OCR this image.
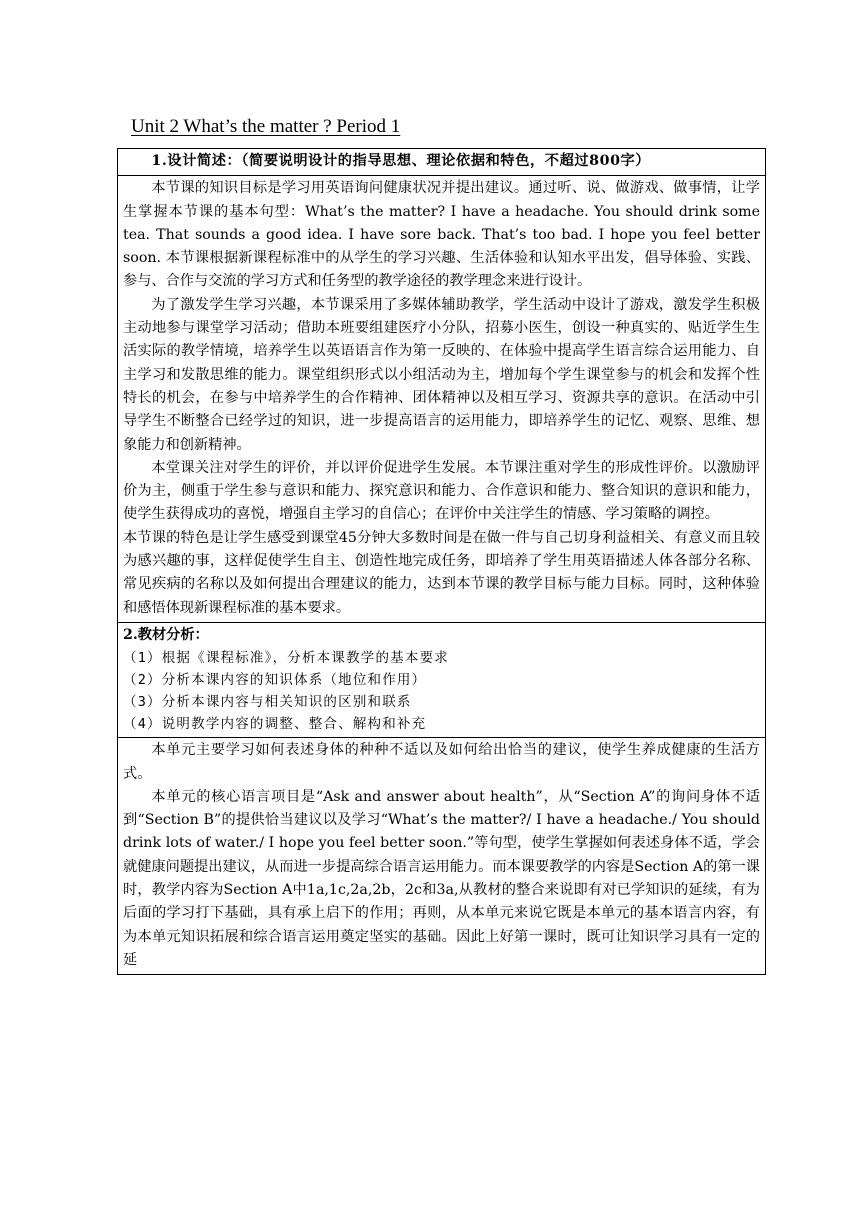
Unit 2 What’s the matter ? Period 1

1.设计简述：（简要说明设计的指导思想、理论依据和特色，不超过800字）

本节课的知识目标是学习用英语询问健康状况并提出建议。通过听、说、做游戏、做事情，让学生掌握本节课的基本句型：What’s the matter? I have a headache. You should drink some tea. That sounds a good idea. I have sore back. That’s too bad. I hope you feel better soon. 本节课根据新课程标准中的从学生的学习兴趣、生活体验和认知水平出发，倡导体验、实践、参与、合作与交流的学习方式和任务型的教学途径的教学理念来进行设计。

为了激发学生学习兴趣，本节课采用了多媒体辅助教学，学生活动中设计了游戏，激发学生积极主动地参与课堂学习活动；借助本班要组建医疗小分队，招募小医生，创设一种真实的、贴近学生生活实际的教学情境，培养学生以英语语言作为第一反映的、在体验中提高学生语言综合运用能力、自主学习和发散思维的能力。课堂组织形式以小组活动为主，增加每个学生课堂参与的机会和发挥个性特长的机会，在参与中培养学生的合作精神、团体精神以及相互学习、资源共享的意识。在活动中引导学生不断整合已经学过的知识，进一步提高语言的运用能力，即培养学生的记忆、观察、思维、想象能力和创新精神。

本堂课关注对学生的评价，并以评价促进学生发展。本节课注重对学生的形成性评价。以激励评价为主，侧重于学生参与意识和能力、探究意识和能力、合作意识和能力、整合知识的意识和能力，使学生获得成功的喜悦，增强自主学习的自信心；在评价中关注学生的情感、学习策略的调控。

本节课的特色是让学生感受到课堂45分钟大多数时间是在做一件与自己切身利益相关、有意义而且较为感兴趣的事，这样促使学生自主、创造性地完成任务，即培养了学生用英语描述人体各部分名称、常见疾病的名称以及如何提出合理建议的能力，达到本节课的教学目标与能力目标。同时，这种体验和感悟体现新课程标准的基本要求。

2.教材分析：

（1）根据《课程标准》，分析本课教学的基本要求

（2）分析本课内容的知识体系（地位和作用）

（3）分析本课内容与相关知识的区别和联系

（4）说明教学内容的调整、整合、解构和补充

本单元主要学习如何表述身体的种种不适以及如何给出恰当的建议，使学生养成健康的生活方式。

本单元的核心语言项目是“Ask and answer about health”，从“Section A”的询问身体不适到“Section B”的提供恰当建议以及学习“What’s the matter?/ I have a headache./ You should drink lots of water./ I hope you feel better soon.”等句型，使学生掌握如何表述身体不适，学会就健康问题提出建议，从而进一步提高综合语言运用能力。而本课要教学的内容是Section A的第一课时，教学内容为Section A中1a,1c,2a,2b，2c和3a,从教材的整合来说即有对已学知识的延续，有为后面的学习打下基础，具有承上启下的作用；再则，从本单元来说它既是本单元的基本语言内容，有为本单元知识拓展和综合语言运用奠定坚实的基础。因此上好第一课时，既可让知识学习具有一定的延
